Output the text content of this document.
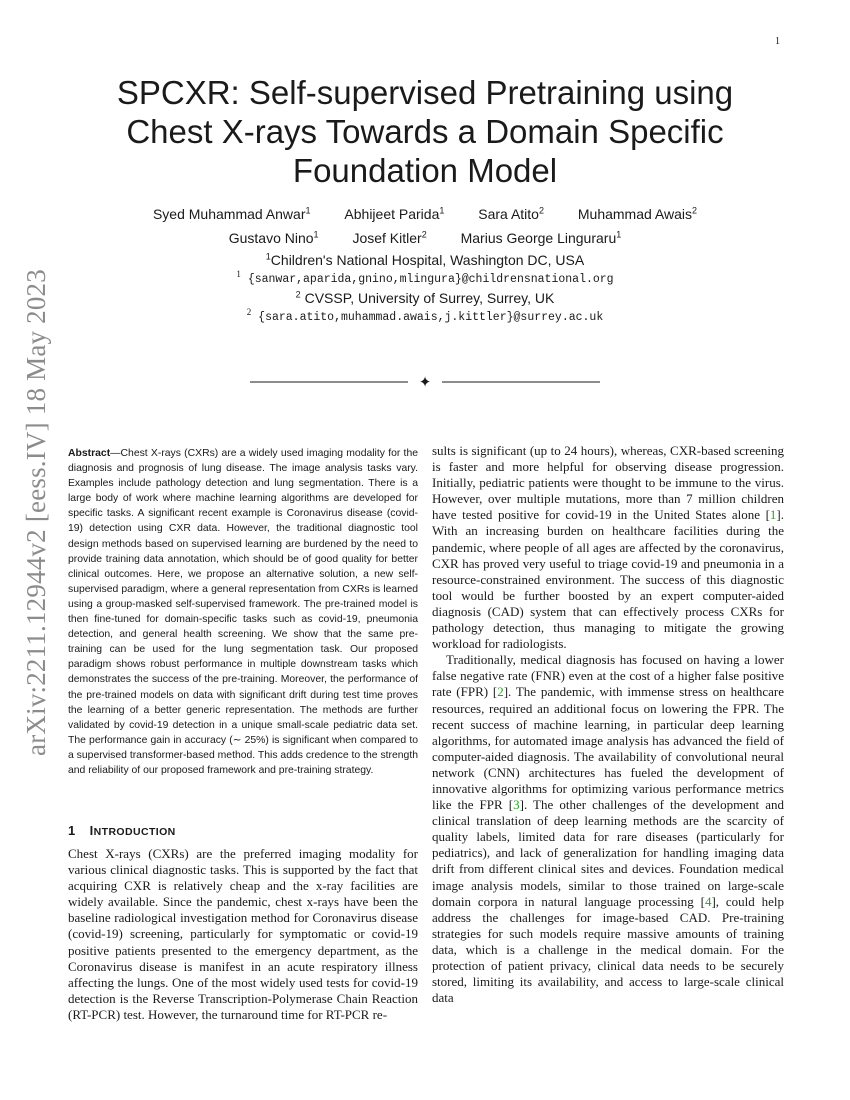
1
arXiv:2211.12944v2 [eess.IV] 18 May 2023
SPCXR: Self-supervised Pretraining using Chest X-rays Towards a Domain Specific Foundation Model
Syed Muhammad Anwar$^1$ Abhijeet Parida$^1$ Sara Atito$^2$ Muhammad Awais$^2$
Gustavo Nino$^1$ Josef Kitler$^2$ Marius George Linguraru$^1$
$^1$Children's National Hospital, Washington DC, USA
$^1$ {sanwar,aparida,gnino,mlingura}@childrensnational.org
$^2$ CVSSP, University of Surrey, Surrey, UK
$^2$ {sara.atito,muhammad.awais,j.kittler}@surrey.ac.uk
✦

Abstract—Chest X-rays (CXRs) are a widely used imaging modality for the diagnosis and prognosis of lung disease. The image analysis tasks vary. Examples include pathology detection and lung segmentation. There is a large body of work where machine learning algorithms are developed for specific tasks. A significant recent example is Coronavirus disease (covid-19) detection using CXR data. However, the traditional diagnostic tool design methods based on supervised learning are burdened by the need to provide training data annotation, which should be of good quality for better clinical outcomes. Here, we propose an alternative solution, a new self-supervised paradigm, where a general representation from CXRs is learned using a group-masked self-supervised framework. The pre-trained model is then fine-tuned for domain-specific tasks such as covid-19, pneumonia detection, and general health screening. We show that the same pre-training can be used for the lung segmentation task. Our proposed paradigm shows robust performance in multiple downstream tasks which demonstrates the success of the pre-training. Moreover, the performance of the pre-trained models on data with significant drift during test time proves the learning of a better generic representation. The methods are further validated by covid-19 detection in a unique small-scale pediatric data set. The performance gain in accuracy (∼ 25%) is significant when compared to a supervised transformer-based method. This adds credence to the strength and reliability of our proposed framework and pre-training strategy.

1 INTRODUCTION

Chest X-rays (CXRs) are the preferred imaging modality for various clinical diagnostic tasks. This is supported by the fact that acquiring CXR is relatively cheap and the x-ray facilities are widely available. Since the pandemic, chest x-rays have been the baseline radiological investigation method for Coronavirus disease (covid-19) screening, particularly for symptomatic or covid-19 positive patients presented to the emergency department, as the Coronavirus disease is manifest in an acute respiratory illness affecting the lungs. One of the most widely used tests for covid-19 detection is the Reverse Transcription-Polymerase Chain Reaction (RT-PCR) test. However, the turnaround time for RT-PCR re-

sults is significant (up to 24 hours), whereas, CXR-based screening is faster and more helpful for observing disease progression. Initially, pediatric patients were thought to be immune to the virus. However, over multiple mutations, more than 7 million children have tested positive for covid-19 in the United States alone [1]. With an increasing burden on healthcare facilities during the pandemic, where people of all ages are affected by the coronavirus, CXR has proved very useful to triage covid-19 and pneumonia in a resource-constrained environment. The success of this diagnostic tool would be further boosted by an expert computer-aided diagnosis (CAD) system that can effectively process CXRs for pathology detection, thus managing to mitigate the growing workload for radiologists.

Traditionally, medical diagnosis has focused on having a lower false negative rate (FNR) even at the cost of a higher false positive rate (FPR) [2]. The pandemic, with immense stress on healthcare resources, required an additional focus on lowering the FPR. The recent success of machine learning, in particular deep learning algorithms, for automated image analysis has advanced the field of computer-aided diagnosis. The availability of convolutional neural network (CNN) architectures has fueled the development of innovative algorithms for optimizing various performance metrics like the FPR [3]. The other challenges of the development and clinical translation of deep learning methods are the scarcity of quality labels, limited data for rare diseases (particularly for pediatrics), and lack of generalization for handling imaging data drift from different clinical sites and devices. Foundation medical image analysis models, similar to those trained on large-scale domain corpora in natural language processing [4], could help address the challenges for image-based CAD. Pre-training strategies for such models require massive amounts of training data, which is a challenge in the medical domain. For the protection of patient privacy, clinical data needs to be securely stored, limiting its availability, and access to large-scale clinical data
